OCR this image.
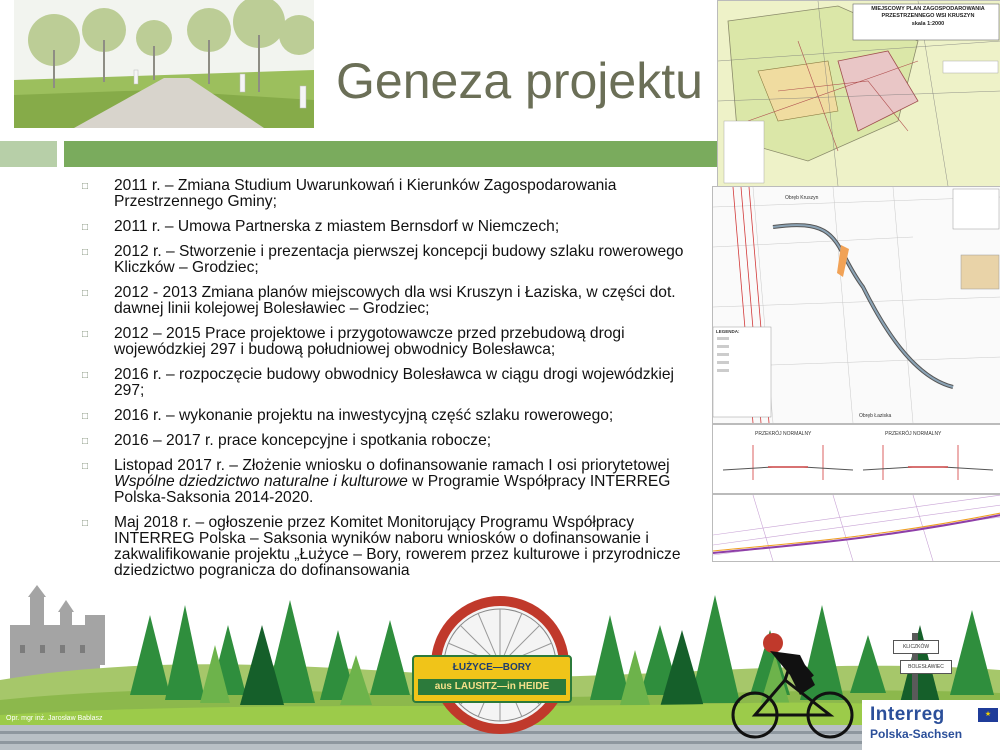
Geneza projektu
□ 2011 r. – Zmiana Studium Uwarunkowań i Kierunków Zagospodarowania
Przestrzennego Gminy;
□ 2011 r. – Umowa Partnerska z miastem Bernsdorf w Niemczech;
□ 2012 r. – Stworzenie i prezentacja pierwszej koncepcji budowy szlaku rowerowego
Kliczków – Grodziec;
□ 2012 - 2013 Zmiana planów miejscowych dla wsi Kruszyn i Łaziska, w części dot.
dawnej linii kolejowej Bolesławiec – Grodziec;
□ 2012 – 2015 Prace projektowe i przygotowawcze przed przebudową drogi
wojewódzkiej 297 i budową południowej obwodnicy Bolesławca;
□ 2016 r. – rozpoczęcie budowy obwodnicy Bolesławca w ciągu drogi wojewódzkiej
297;
□ 2016 r. – wykonanie projektu na inwestycyjną część szlaku rowerowego;
□ 2016 – 2017 r. prace koncepcyjne i spotkania robocze;
□ Listopad 2017 r. – Złożenie wniosku o dofinansowanie ramach I osi priorytetowej
Wspólne dziedzictwo naturalne i kulturowe w Programie Współpracy INTERREG
Polska-Saksonia 2014-2020.
□ Maj 2018 r. – ogłoszenie przez Komitet Monitorujący Programu Współpracy
INTERREG Polska – Saksonia wyników naboru wniosków o dofinansowanie i
zakwalifikowanie projektu „Łużyce – Bory, rowerem przez kulturowe i przyrodnicze
dziedzictwo pogranicza do dofinansowania
MIEJSCOWY PLAN ZAGOSPODAROWANIA
PRZESTRZENNEGO WSI KRUSZYN
skala 1:2000
Obręb Kruszyn
Obręb Łaziska
LEGENDA:
PRZEKRÓJ NORMALNY	PRZEKRÓJ NORMALNY
KLICZKÓW
BOLESŁAWIEC
ŁUŻYCE—BORY
aus LAUSITZ—in HEIDE
Opr. mgr inż. Jarosław Bablasz	Interreg
Polska-Sachsen
★
